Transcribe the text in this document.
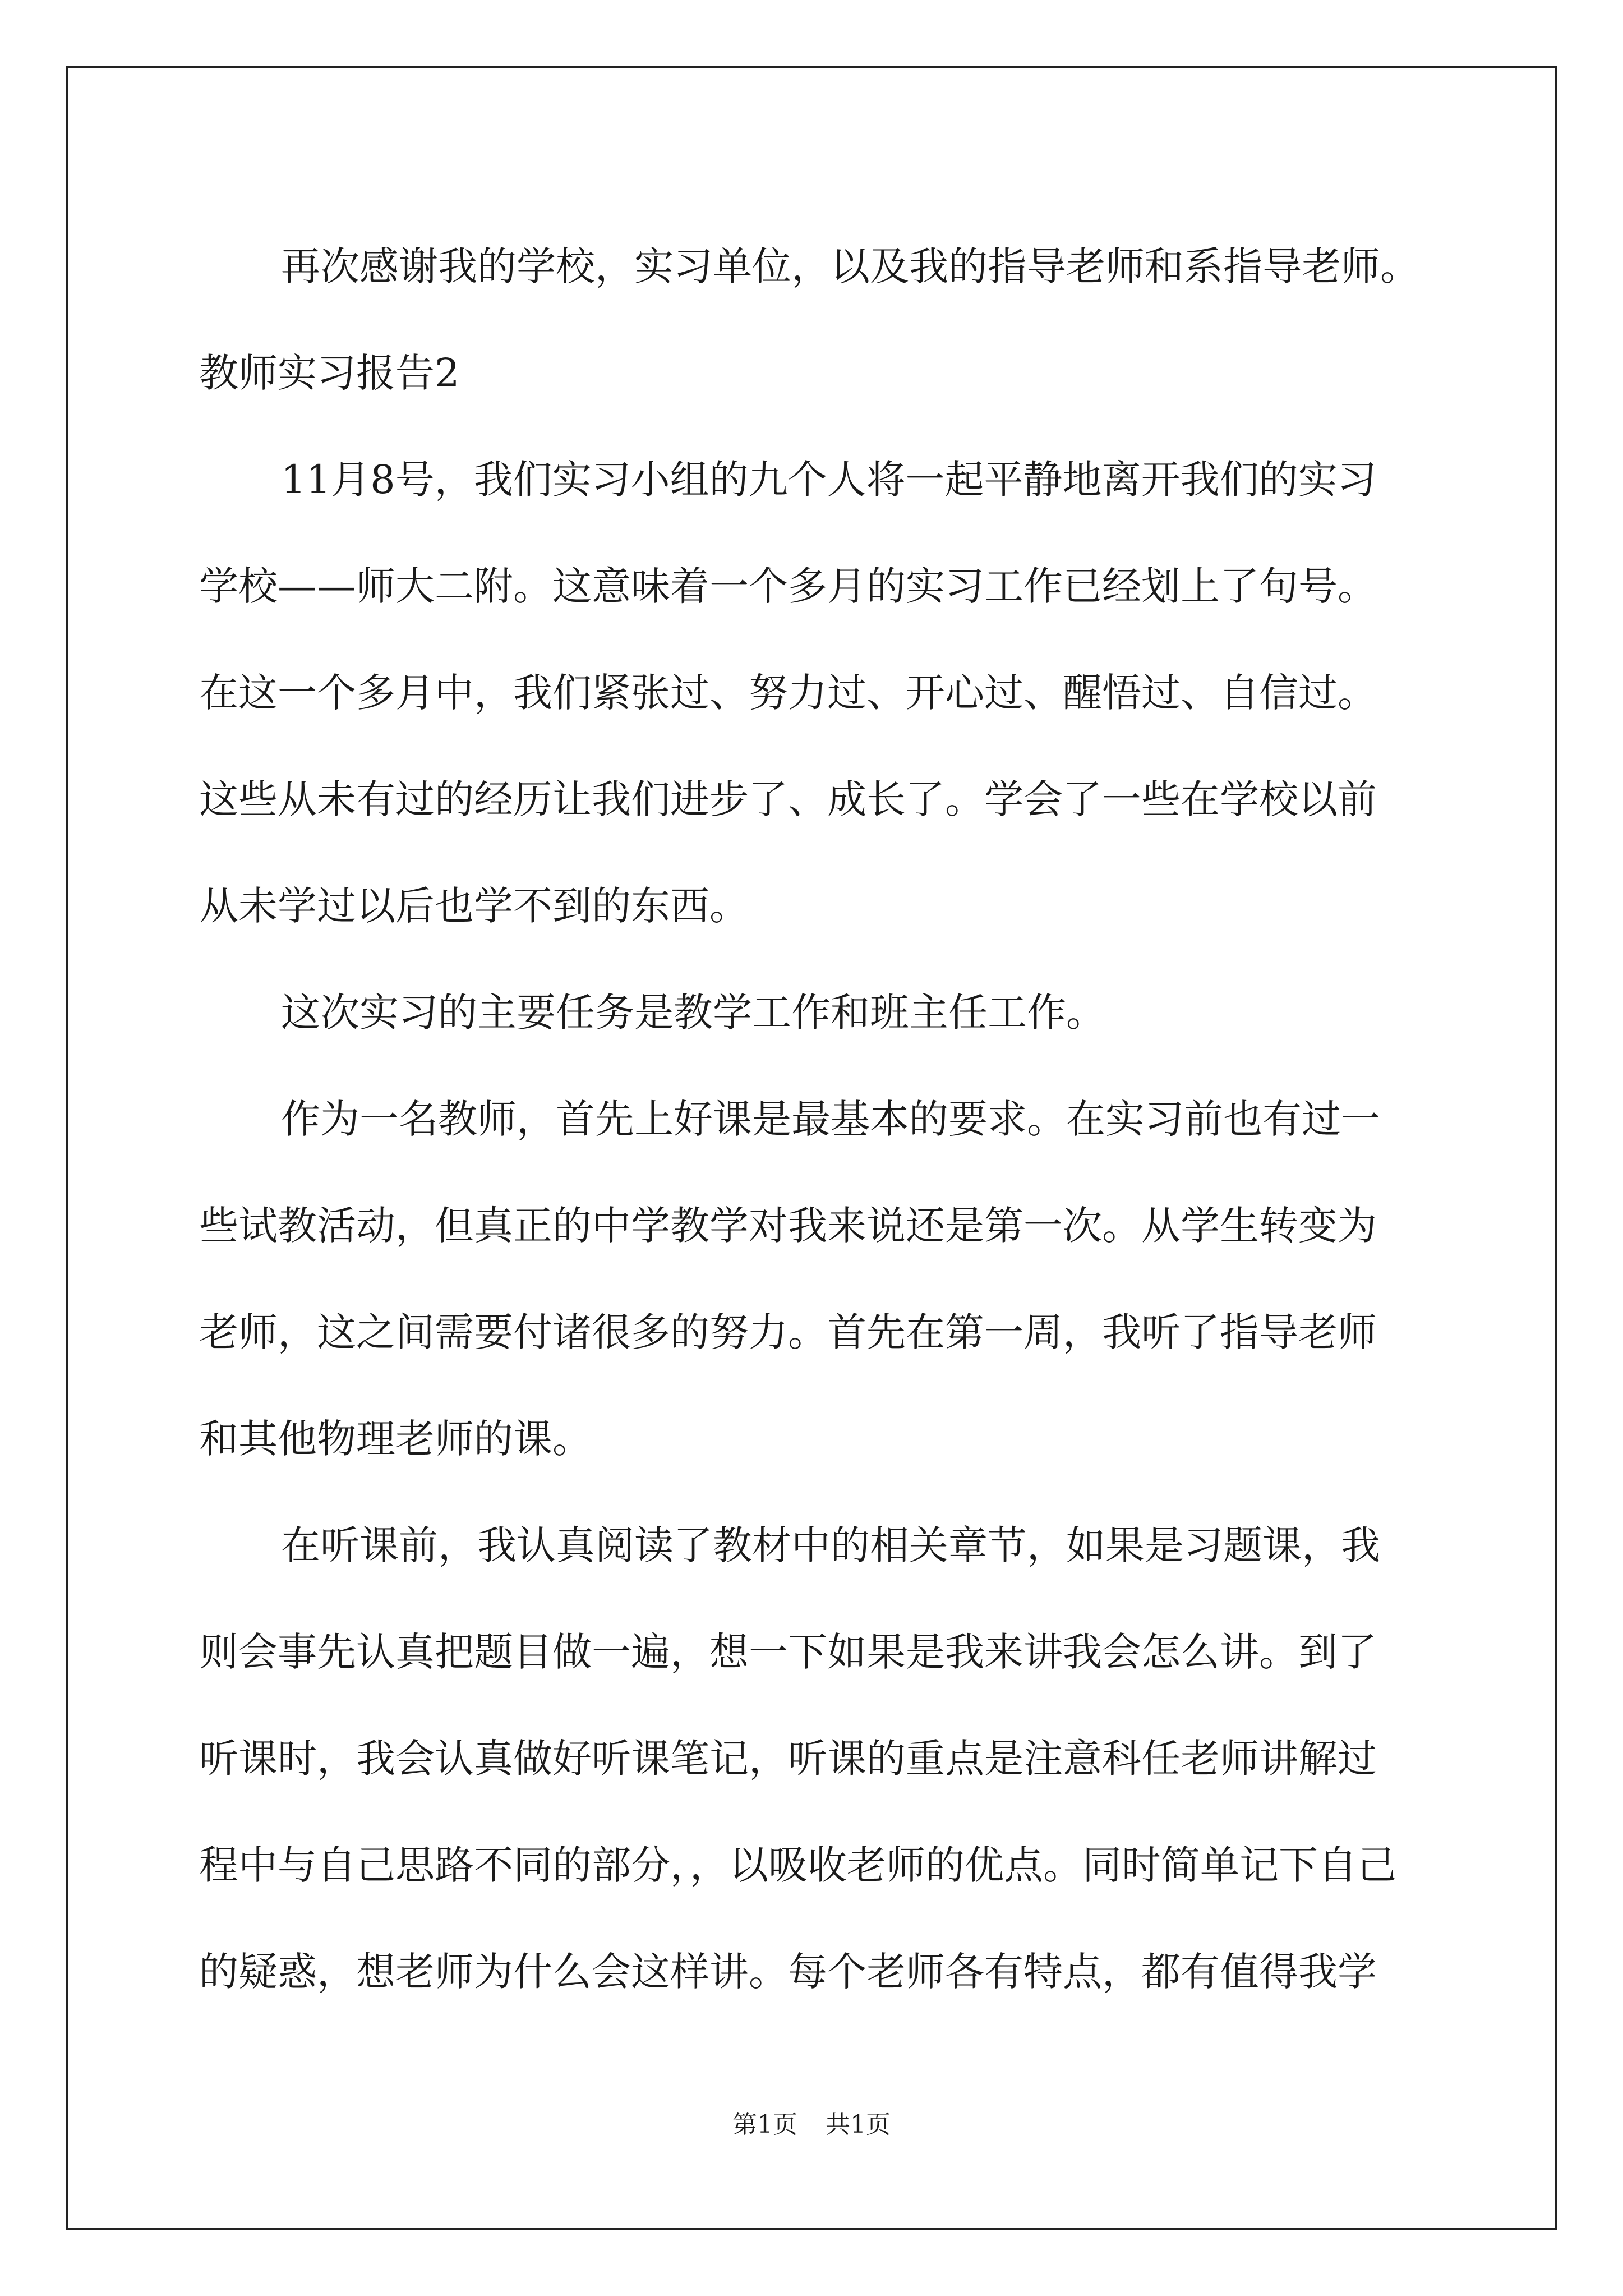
再次感谢我的学校，实习单位，以及我的指导老师和系指导老师。
教师实习报告2
11月8号，我们实习小组的九个人将一起平静地离开我们的实习
学校——师大二附。这意味着一个多月的实习工作已经划上了句号。
在这一个多月中，我们紧张过、努力过、开心过、醒悟过、自信过。
这些从未有过的经历让我们进步了、成长了。学会了一些在学校以前
从未学过以后也学不到的东西。
这次实习的主要任务是教学工作和班主任工作。
作为一名教师，首先上好课是最基本的要求。在实习前也有过一
些试教活动，但真正的中学教学对我来说还是第一次。从学生转变为
老师，这之间需要付诸很多的努力。首先在第一周，我听了指导老师
和其他物理老师的课。
在听课前，我认真阅读了教材中的相关章节，如果是习题课，我
则会事先认真把题目做一遍，想一下如果是我来讲我会怎么讲。到了
听课时，我会认真做好听课笔记，听课的重点是注意科任老师讲解过
程中与自己思路不同的部分，，以吸收老师的优点。同时简单记下自己
的疑惑，想老师为什么会这样讲。每个老师各有特点，都有值得我学
第1页 共1页
